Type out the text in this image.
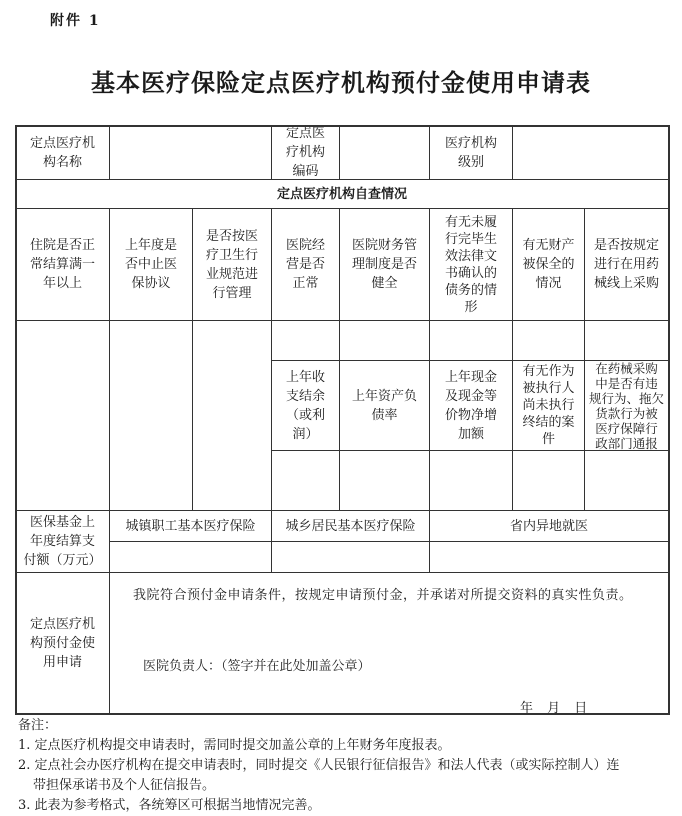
附件 1
基本医疗保险定点医疗机构预付金使用申请表
定点医疗机
构名称
定点医
疗机构
编码
医疗机构
级别
定点医疗机构自查情况
住院是否正
常结算满一
年以上
上年度是
否中止医
保协议
是否按医
疗卫生行
业规范进
行管理
医院经
营是否
正常
医院财务管
理制度是否
健全
有无未履
行完毕生
效法律文
书确认的
债务的情
形
有无财产
被保全的
情况
是否按规定
进行在用药
械线上采购
上年收
支结余
（或利
润）
上年资产负
债率
上年现金
及现金等
价物净增
加额
有无作为
被执行人
尚未执行
终结的案
件
在药械采购
中是否有违
规行为、拖欠
货款行为被
医疗保障行
政部门通报
医保基金上
年度结算支
付额（万元）
城镇职工基本医疗保险 城乡居民基本医疗保险	省内异地就医
定点医疗机
构预付金使
用申请
我院符合预付金申请条件，按规定申请预付金，并承诺对所提交资料的真实性负责。
医院负责人：（签字并在此处加盖公章）
年 月 日
备注：
1. 定点医疗机构提交申请表时，需同时提交加盖公章的上年财务年度报表。
2. 定点社会办医疗机构在提交申请表时，同时提交《人民银行征信报告》和法人代表（或实际控制人）连
带担保承诺书及个人征信报告。
3. 此表为参考格式，各统筹区可根据当地情况完善。
